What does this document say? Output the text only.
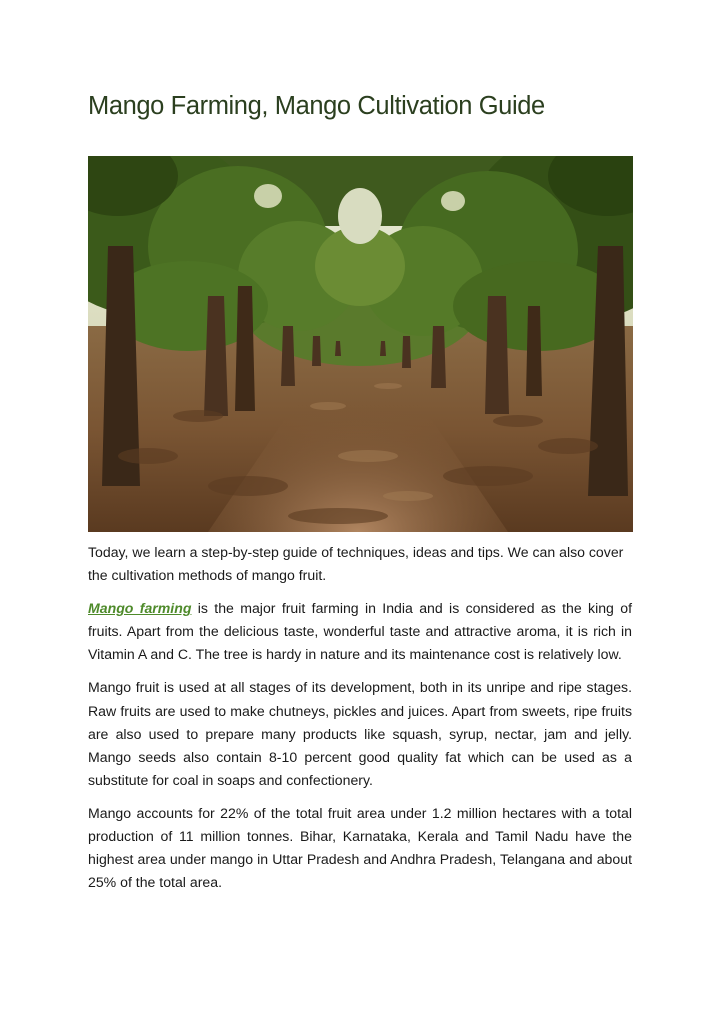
Mango Farming, Mango Cultivation Guide

Today, we learn a step-by-step guide of techniques, ideas and tips. We can also cover the cultivation methods of mango fruit.

Mango farming is the major fruit farming in India and is considered as the king of fruits. Apart from the delicious taste, wonderful taste and attractive aroma, it is rich in Vitamin A and C. The tree is hardy in nature and its maintenance cost is relatively low.

Mango fruit is used at all stages of its development, both in its unripe and ripe stages. Raw fruits are used to make chutneys, pickles and juices. Apart from sweets, ripe fruits are also used to prepare many products like squash, syrup, nectar, jam and jelly. Mango seeds also contain 8-10 percent good quality fat which can be used as a substitute for coal in soaps and confectionery.

Mango accounts for 22% of the total fruit area under 1.2 million hectares with a total production of 11 million tonnes. Bihar, Karnataka, Kerala and Tamil Nadu have the highest area under mango in Uttar Pradesh and Andhra Pradesh, Telangana and about 25% of the total area.
